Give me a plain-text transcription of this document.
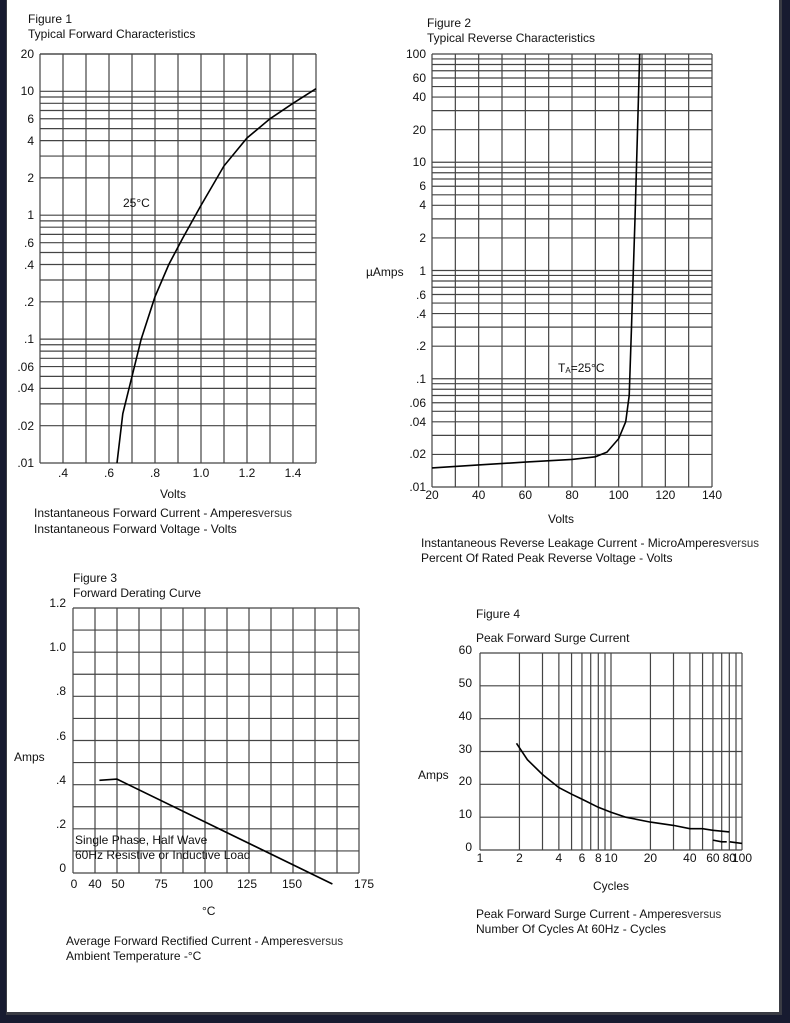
Figure 1
Typical Forward Characteristics
20
10
6
4
2
1
.6
.4
.2
.1
.06
.04
.02
.01
.4	.6	.8	1.0 1.2 1.4
25°C
Volts
Instantaneous Forward Current - Amperesversus
Instantaneous Forward Voltage - Volts
Figure 2
Typical Reverse Characteristics
100
60
40
20
10
6
4
2
1
.6
.4
.2
.1
.06
.04
.02
.01
20	40	60	80 100 120 140
µAmps
TA=25°C
Volts
Instantaneous Reverse Leakage Current - MicroAmperesversus
Percent Of Rated Peak Reverse Voltage - Volts
Figure 3
Forward Derating Curve
1.2
1.0
.8
.6
.4
.2
0
0 40 50 75 100 125 150	175
Amps
Single Phase, Half Wave
60Hz Resistive or Inductive Load
°C
Average Forward Rectified Current - Amperesversus
Ambient Temperature -°C
Figure 4
Peak Forward Surge Current
60
50
40
30
20
10
0
1	2	4 6 8 10 20 40 60 80
100
Amps
Cycles
Peak Forward Surge Current - Amperesversus
Number Of Cycles At 60Hz - Cycles
